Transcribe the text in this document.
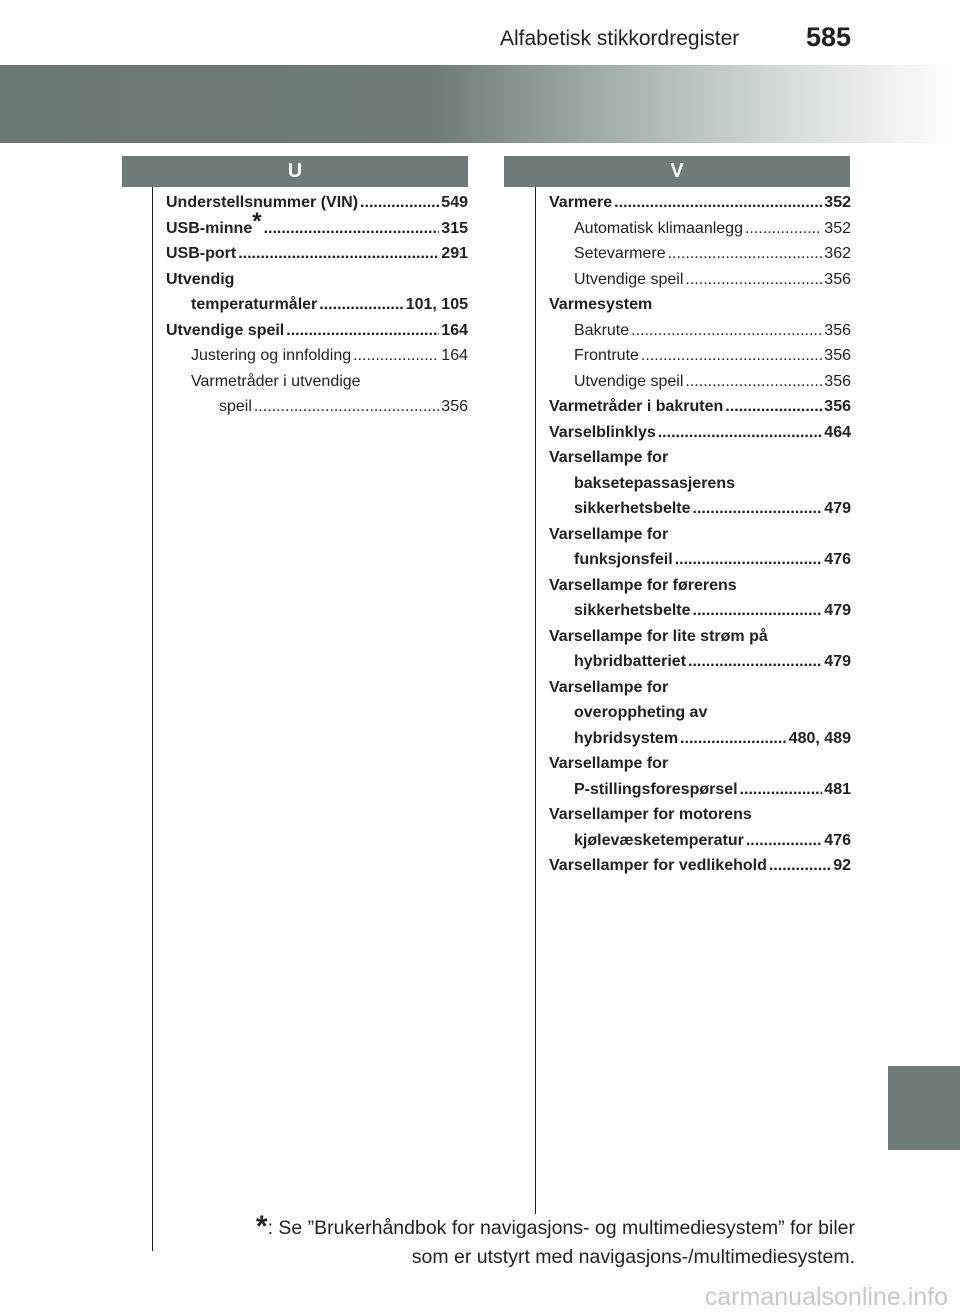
Alfabetisk stikkordregister 585
U	V
Understellsnummer (VIN) .....	549
USB-minne* .....	315
USB-port .....	291
Utvendig
temperaturmåler .....	101, 105
Utvendige speil .....	164
Justering og innfolding .....	164
Varmetråder i utvendige
speil .....	356
Varmere .....	352
Automatisk klimaanlegg .....	352
Setevarmere .....	362
Utvendige speil .....	356
Varmesystem
Bakrute .....	356
Frontrute .....	356
Utvendige speil .....	356
Varmetråder i bakruten .....	356
Varselblinklys .....	464
Varsellampe for
baksetepassasjerens
sikkerhetsbelte .....	479
Varsellampe for
funksjonsfeil .....	476
Varsellampe for førerens
sikkerhetsbelte .....	479
Varsellampe for lite strøm på
hybridbatteriet .....	479
Varsellampe for
overoppheting av
hybridsystem .....	480, 489
Varsellampe for
P-stillingsforespørsel .....	481
Varsellamper for motorens
kjølevæsketemperatur .....	476
Varsellamper for vedlikehold .....	92
*: Se ”Brukerhåndbok for navigasjons- og multimediesystem” for biler
som er utstyrt med navigasjons-/multimediesystem.
carmanualsonline.info
